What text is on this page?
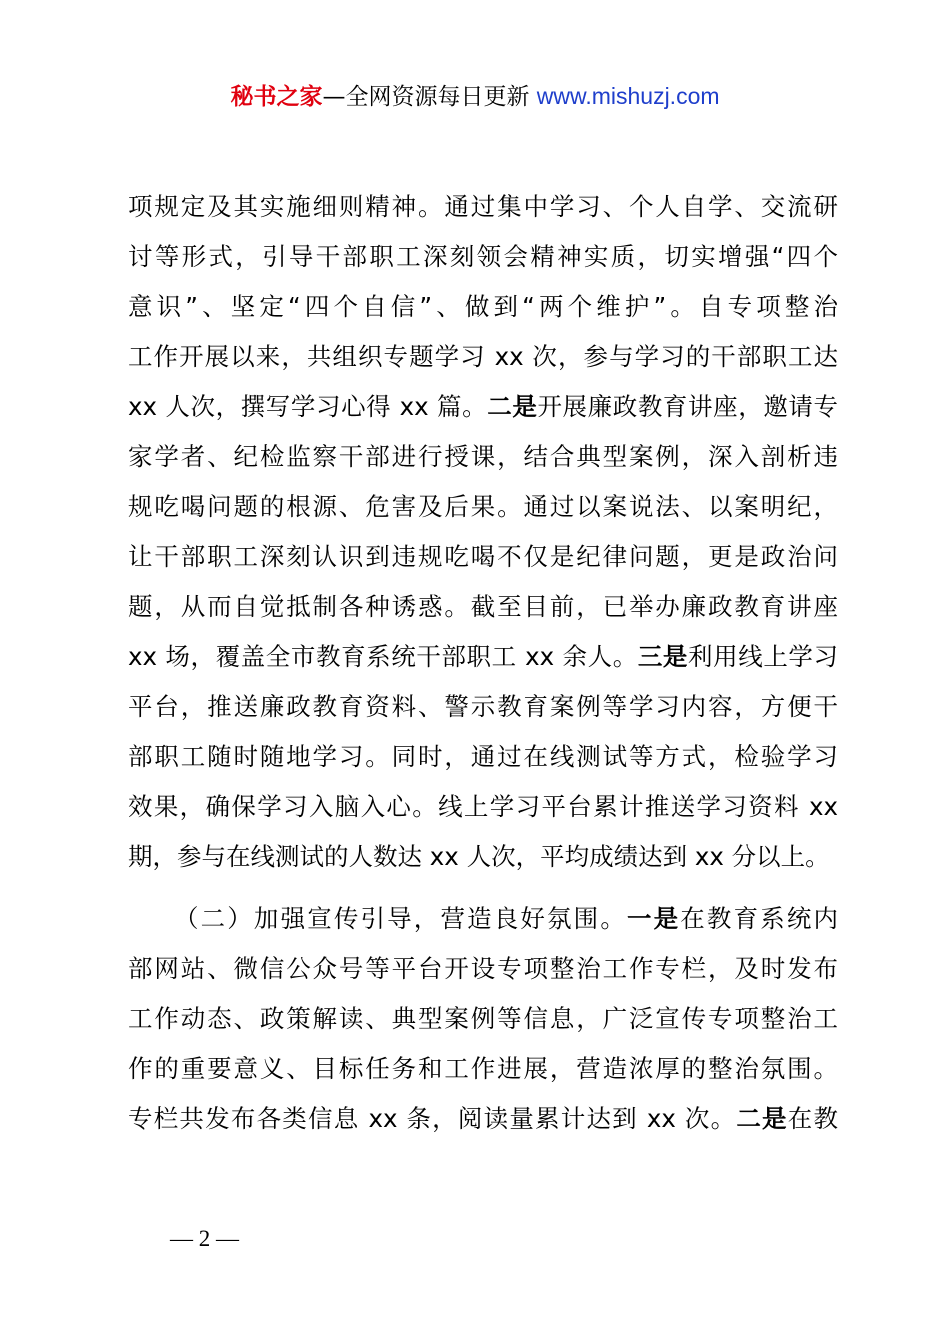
秘书之家—全网资源每日更新 www.mishuzj.com
项规定及其实施细则精神。通过集中学习、个人自学、交流研
讨等形式，引导干部职工深刻领会精神实质，切实增强“四个
意识”、坚定“四个自信”、做到“两个维护”。自专项整治
工作开展以来，共组织专题学习 xx 次，参与学习的干部职工达
xx 人次，撰写学习心得 xx 篇。二是开展廉政教育讲座，邀请专
家学者、纪检监察干部进行授课，结合典型案例，深入剖析违
规吃喝问题的根源、危害及后果。通过以案说法、以案明纪，
让干部职工深刻认识到违规吃喝不仅是纪律问题，更是政治问
题，从而自觉抵制各种诱惑。截至目前，已举办廉政教育讲座
xx 场，覆盖全市教育系统干部职工 xx 余人。三是利用线上学习
平台，推送廉政教育资料、警示教育案例等学习内容，方便干
部职工随时随地学习。同时，通过在线测试等方式，检验学习
效果，确保学习入脑入心。线上学习平台累计推送学习资料 xx
期，参与在线测试的人数达 xx 人次，平均成绩达到 xx 分以上。
（二）加强宣传引导，营造良好氛围。一是在教育系统内
部网站、微信公众号等平台开设专项整治工作专栏，及时发布
工作动态、政策解读、典型案例等信息，广泛宣传专项整治工
作的重要意义、目标任务和工作进展，营造浓厚的整治氛围。
专栏共发布各类信息 xx 条，阅读量累计达到 xx 次。二是在教
— 2 —
